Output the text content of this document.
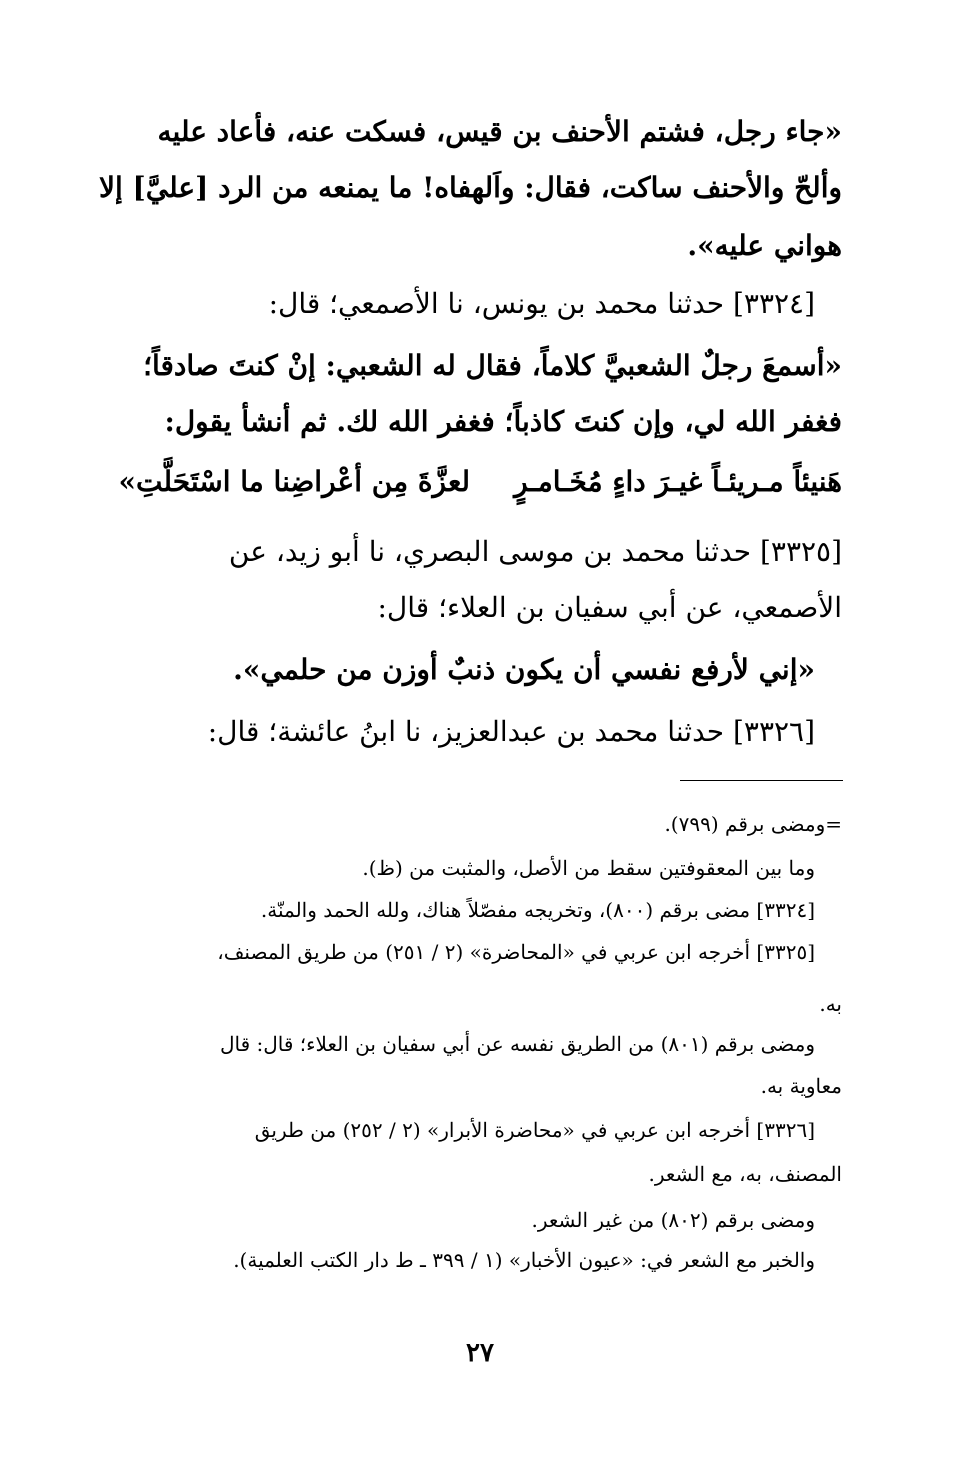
«جاء رجل، فشتم الأحنف بن قيس، فسكت عنه، فأعاد عليه
وألحّ والأحنف ساكت، فقال: واَلهفاه! ما يمنعه من الرد [عليَّ] إلا
هواني عليه».
[٣٣٢٤] حدثنا محمد بن يونس، نا الأصمعي؛ قال:
«أسمعَ رجلٌ الشعبيَّ كلاماً، فقال له الشعبي: إنْ كنتَ صادقاً؛
فغفر الله لي، وإن كنتَ كاذباً؛ فغفر الله لك. ثم أنشأ يقول:
هَنيئاً مـريئـاً غيـرَ داءٍ مُخَـامـرٍ
لعزَّةَ مِن أعْراضِنا ما اسْتَحَلَّتِ»
[٣٣٢٥] حدثنا محمد بن موسى البصري، نا أبو زيد، عن
الأصمعي، عن أبي سفيان بن العلاء؛ قال:
«إني لأرفع نفسي أن يكون ذنبٌ أوزن من حلمي».
[٣٣٢٦] حدثنا محمد بن عبدالعزيز، نا ابنُ عائشة؛ قال:
=ومضى برقم (٧٩٩).
وما بين المعقوفتين سقط من الأصل، والمثبت من (ظ).
[٣٣٢٤] مضى برقم (٨٠٠)، وتخريجه مفصّلاً هناك، ولله الحمد والمنّة.
[٣٣٢٥] أخرجه ابن عربي في «المحاضرة» (٢ / ٢٥١) من طريق المصنف،
به.
ومضى برقم (٨٠١) من الطريق نفسه عن أبي سفيان بن العلاء؛ قال: قال
معاوية به.
[٣٣٢٦] أخرجه ابن عربي في «محاضرة الأبرار» (٢ / ٢٥٢) من طريق
المصنف، به، مع الشعر.
ومضى برقم (٨٠٢) من غير الشعر.
والخبر مع الشعر في: «عيون الأخبار» (١ / ٣٩٩ ـ ط دار الكتب العلمية).
٢٧
